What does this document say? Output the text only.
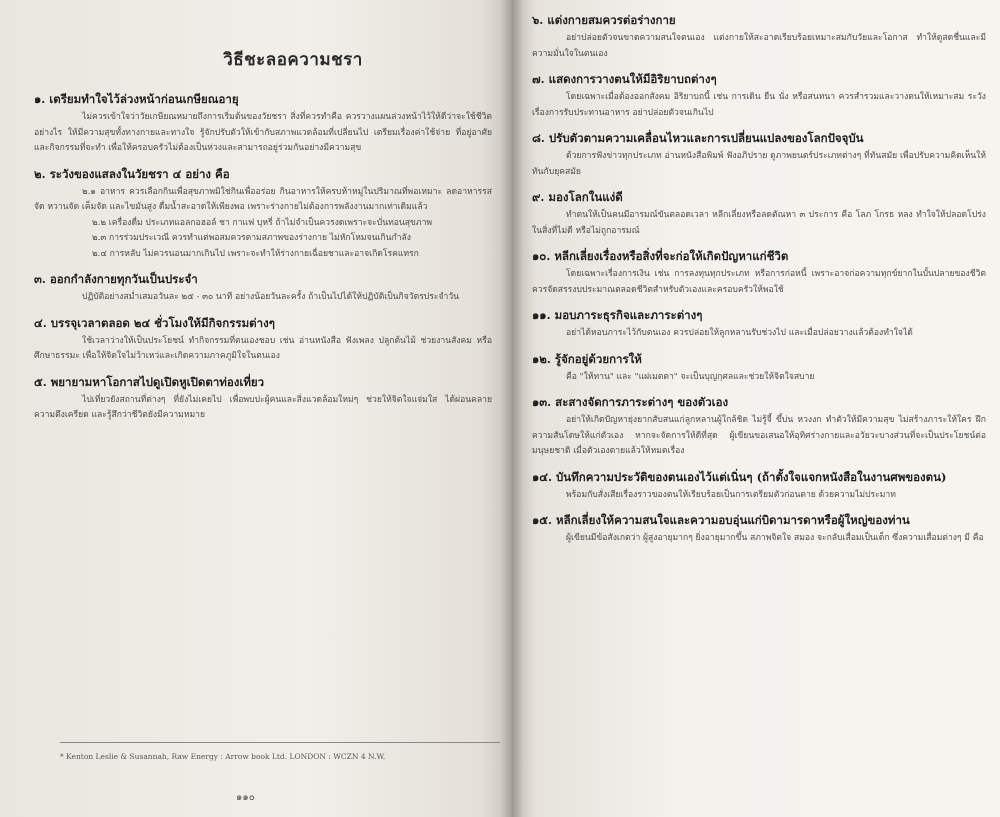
วิธีชะลอความชรา
๑. เตรียมทำใจไว้ล่วงหน้าก่อนเกษียณอายุ

ไม่ควรเข้าใจว่าวัยเกษียณหมายถึงการเริ่มต้นของวัยชรา สิ่งที่ควรทำคือ ควรวางแผนล่วงหน้าไว้ให้ดีว่าจะใช้ชีวิตอย่างไร ให้มีความสุขทั้งทางกายและทางใจ รู้จักปรับตัวให้เข้ากับสภาพแวดล้อมที่เปลี่ยนไป เตรียมเรื่องค่าใช้จ่าย ที่อยู่อาศัย และกิจกรรมที่จะทำ เพื่อให้ครอบครัวไม่ต้องเป็นห่วงและสามารถอยู่ร่วมกันอย่างมีความสุข

๒. ระวังของแสลงในวัยชรา ๔ อย่าง คือ

๒.๑ อาหาร ควรเลือกกินเพื่อสุขภาพมิใช่กินเพื่ออร่อย กินอาหารให้ครบห้าหมู่ในปริมาณที่พอเหมาะ ลดอาหารรสจัด หวานจัด เค็มจัด และไขมันสูง ดื่มน้ำสะอาดให้เพียงพอ เพราะร่างกายไม่ต้องการพลังงานมากเท่าเดิมแล้ว

๒.๒ เครื่องดื่ม ประเภทแอลกอฮอล์ ชา กาแฟ บุหรี่ ถ้าไม่จำเป็นควรงดเพราะจะบั่นทอนสุขภาพ

๒.๓ การร่วมประเวณี ควรทำแต่พอสมควรตามสภาพของร่างกาย ไม่หักโหมจนเกินกำลัง

๒.๔ การหลับ ไม่ควรนอนมากเกินไป เพราะจะทำให้ร่างกายเฉื่อยชาและอาจเกิดโรคแทรก

๓. ออกกำลังกายทุกวันเป็นประจำ

ปฏิบัติอย่างสม่ำเสมอวันละ ๒๕ - ๓๐ นาที อย่างน้อยวันละครั้ง ถ้าเป็นไปได้ให้ปฏิบัติเป็นกิจวัตรประจำวัน

๔. บรรจุเวลาตลอด ๒๔ ชั่วโมงให้มีกิจกรรมต่างๆ

ใช้เวลาว่างให้เป็นประโยชน์ ทำกิจกรรมที่ตนเองชอบ เช่น อ่านหนังสือ ฟังเพลง ปลูกต้นไม้ ช่วยงานสังคม หรือศึกษาธรรมะ เพื่อให้จิตใจไม่ว้าเหว่และเกิดความภาคภูมิใจในตนเอง

๕. พยายามหาโอกาสไปดูเปิดหูเปิดตาท่องเที่ยว

ไปเที่ยวยังสถานที่ต่างๆ ที่ยังไม่เคยไป เพื่อพบปะผู้คนและสิ่งแวดล้อมใหม่ๆ ช่วยให้จิตใจแจ่มใส ได้ผ่อนคลายความตึงเครียด และรู้สึกว่าชีวิตยังมีความหมาย

* Kenton Leslie & Susannah, Raw Energy : Arrow book Ltd. LONDON : WCZN 4 N.W.
๑๑๐
๖. แต่งกายสมควรต่อร่างกาย

อย่าปล่อยตัวจนขาดความสนใจตนเอง แต่งกายให้สะอาดเรียบร้อยเหมาะสมกับวัยและโอกาส ทำให้ดูสดชื่นและมีความมั่นใจในตนเอง

๗. แสดงการวางตนให้มีอิริยาบถต่างๆ

โดยเฉพาะเมื่อต้องออกสังคม อิริยาบถนี้ เช่น การเดิน ยืน นั่ง หรือสนทนา ควรสำรวมและวางตนให้เหมาะสม ระวังเรื่องการรับประทานอาหาร อย่าปล่อยตัวจนเกินไป

๘. ปรับตัวตามความเคลื่อนไหวและการเปลี่ยนแปลงของโลกปัจจุบัน

ด้วยการฟังข่าวทุกประเภท อ่านหนังสือพิมพ์ ฟังอภิปราย ดูภาพยนตร์ประเภทต่างๆ ที่ทันสมัย เพื่อปรับความคิดเห็นให้ทันกับยุคสมัย

๙. มองโลกในแง่ดี

ทำตนให้เป็นคนมีอารมณ์ขันตลอดเวลา หลีกเลี่ยงหรือลดตัณหา ๓ ประการ คือ โลภ โกรธ หลง ทำใจให้ปลอดโปร่งในสิ่งที่ไม่ดี หรือไม่ถูกอารมณ์

๑๐. หลีกเลี่ยงเรื่องหรือสิ่งที่จะก่อให้เกิดปัญหาแก่ชีวิต

โดยเฉพาะเรื่องการเงิน เช่น การลงทุนทุกประเภท หรือการก่อหนี้ เพราะอาจก่อความทุกข์ยากในบั้นปลายของชีวิต ควรจัดสรรงบประมาณตลอดชีวิตสำหรับตัวเองและครอบครัวให้พอใช้

๑๑. มอบภาระธุรกิจและภาระต่างๆ

อย่าได้หอบภาระไว้กับตนเอง ควรปล่อยให้ลูกหลานรับช่วงไป และเมื่อปล่อยวางแล้วต้องทำใจได้

๑๒. รู้จักอยู่ด้วยการให้

คือ "ให้ทาน" และ "แผ่เมตตา" จะเป็นบุญกุศลและช่วยให้จิตใจสบาย

๑๓. สะสางจัดการภาระต่างๆ ของตัวเอง

อย่าให้เกิดปัญหายุ่งยากสับสนแก่ลูกหลานผู้ใกล้ชิด ไม่รู้จี้ ขึ้บ่น หวงงก ทำตัวให้มีความสุข ไม่สร้างภาระให้ใคร ฝึกความสันโดษให้แก่ตัวเอง หากจะจัดการให้ดีที่สุด ผู้เขียนขอเสนอให้อุทิศร่างกายและอวัยวะบางส่วนที่จะเป็นประโยชน์ต่อมนุษยชาติ เมื่อตัวเองตายแล้วให้หมดเรื่อง

๑๔. บันทึกความประวัติของตนเองไว้แต่เนิ่นๆ (ถ้าตั้งใจแจกหนังสือในงานศพของตน)

พร้อมกับสั่งเสียเรื่องราวของตนให้เรียบร้อยเป็นการเตรียมตัวก่อนตาย ด้วยความไม่ประมาท

๑๕. หลีกเลี่ยงให้ความสนใจและความอบอุ่นแก่บิดามารดาหรือผู้ใหญ่ของท่าน

ผู้เขียนมีข้อสังเกตว่า ผู้สูงอายุมากๆ ยิ่งอายุมากขึ้น สภาพจิตใจ สมอง จะกลับเสื่อมเป็นเด็ก ซึ่งความเสื่อมต่างๆ มี คือ
